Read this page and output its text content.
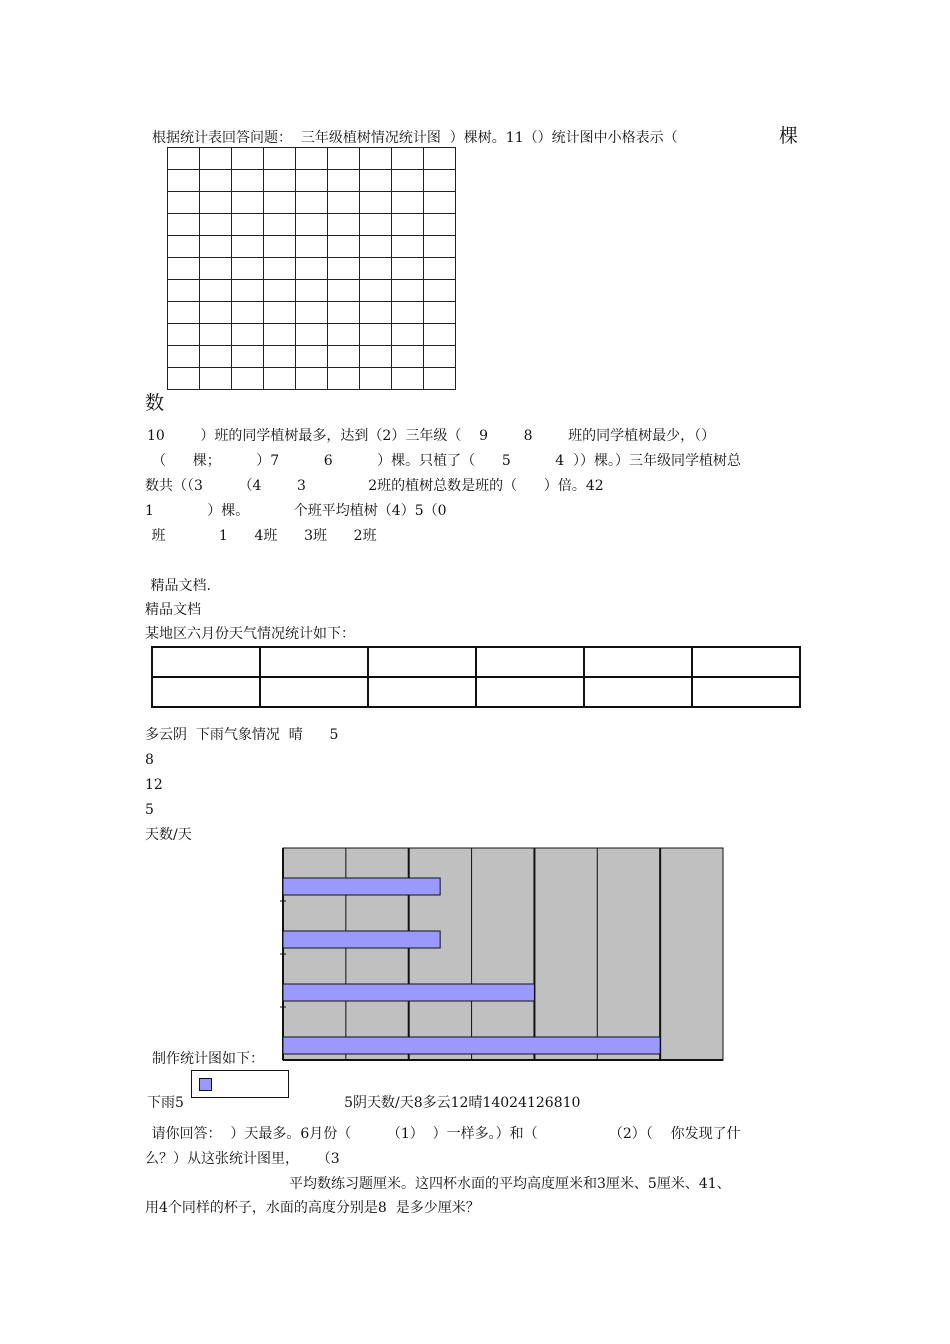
根据统计表回答问题：  三年级植树情况统计图  ）棵树。11（）统计图中小格表示（	棵

数
10        ）班的同学植树最多，达到（2）三年级（    9        8        班的同学植树最少，（）
（      棵；        ）7          6          ）棵。只植了（      5          4  ））棵。）三年级同学植树总
数共（（3        （4        3              2班的植树总数是班的（      ）倍。42
1            ）棵。          个班平均植树（4）5（0
班            1      4班      3班      2班
精品文档.
精品文档
某地区六月份天气情况统计如下：

多云阴  下雨气象情况  晴      5
8
12
5
天数/天
制作统计图如下：
下雨5                                    5阴天数/天8多云12晴14024126810
请你回答：  ）天最多。6月份（        （1）  ）一样多。）和（                （2）（    你发现了什
么？）从这张统计图里，    （3
平均数练习题厘米。这四杯水面的平均高度厘米和3厘米、5厘米、41、
用4个同样的杯子，水面的高度分别是8  是多少厘米？
